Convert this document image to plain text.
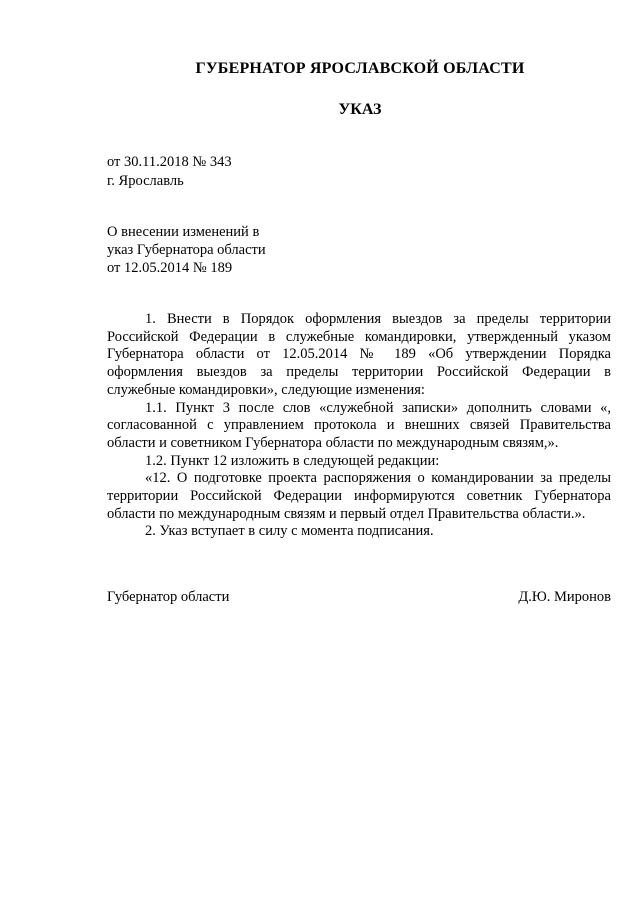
ГУБЕРНАТОР ЯРОСЛАВСКОЙ ОБЛАСТИ
УКАЗ
от 30.11.2018 № 343
г. Ярославль
О внесении изменений в
указ Губернатора области
от 12.05.2014 № 189

1. Внести в Порядок оформления выездов за пределы территории Российской Федерации в служебные командировки, утвержденный указом Губернатора области от 12.05.2014 № 189 «Об утверждении Порядка оформления выездов за пределы территории Российской Федерации в служебные командировки», следующие изменения:

1.1. Пункт 3 после слов «служебной записки» дополнить словами «, согласованной с управлением протокола и внешних связей Правительства области и советником Губернатора области по международным связям,».

1.2. Пункт 12 изложить в следующей редакции:

«12. О подготовке проекта распоряжения о командировании за пределы территории Российской Федерации информируются советник Губернатора области по международным связям и первый отдел Правительства области.».

2. Указ вступает в силу с момента подписания.

Губернатор области	Д.Ю. Миронов
